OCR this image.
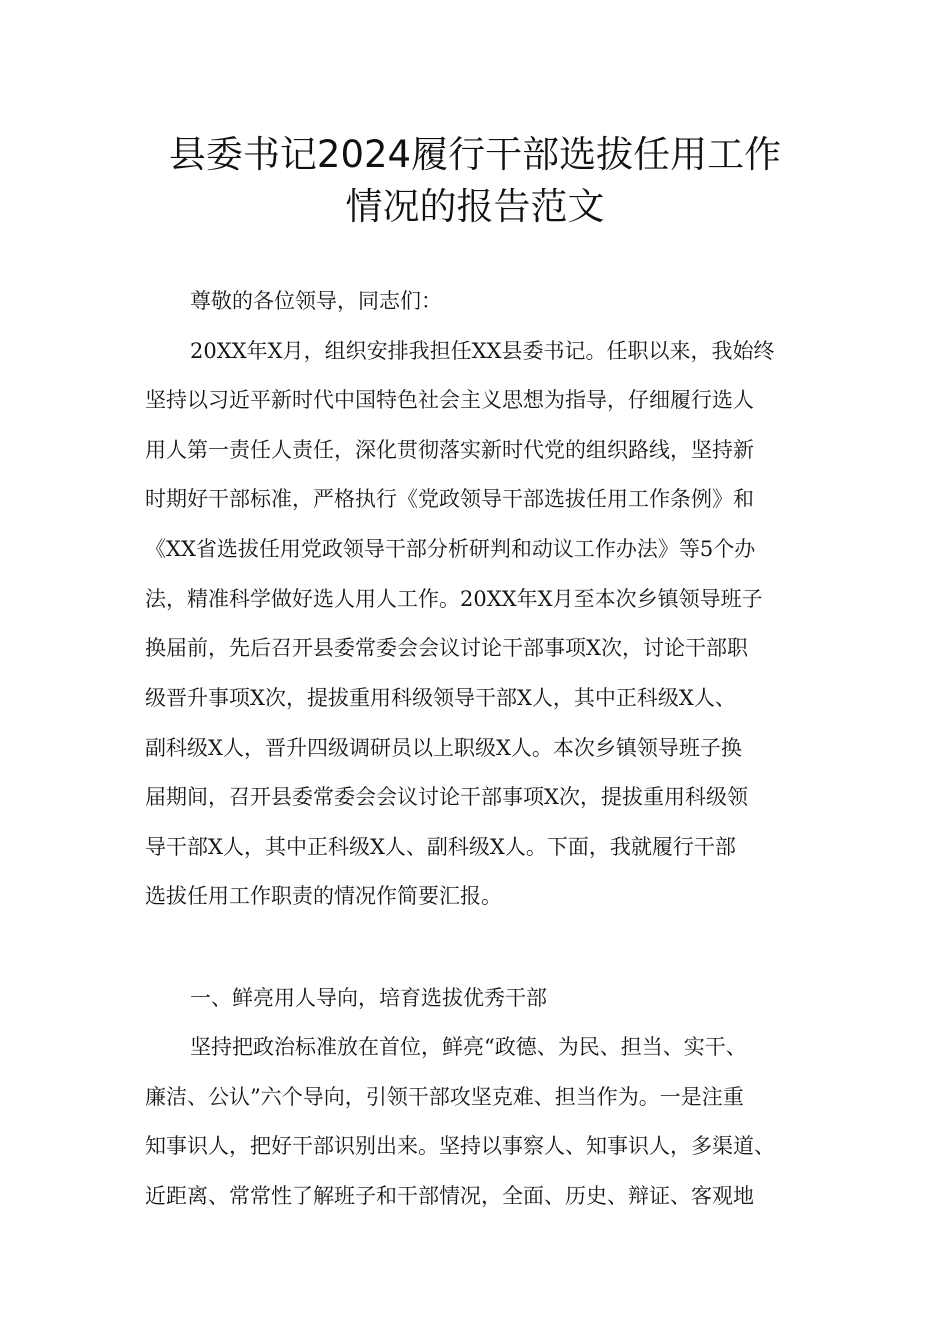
县委书记2024履行干部选拔任用工作
情况的报告范文
尊敬的各位领导，同志们：
20XX年X月，组织安排我担任XX县委书记。任职以来，我始终
坚持以习近平新时代中国特色社会主义思想为指导，仔细履行选人
用人第一责任人责任，深化贯彻落实新时代党的组织路线，坚持新
时期好干部标准，严格执行《党政领导干部选拔任用工作条例》和
《XX省选拔任用党政领导干部分析研判和动议工作办法》等5个办
法，精准科学做好选人用人工作。20XX年X月至本次乡镇领导班子
换届前，先后召开县委常委会会议讨论干部事项X次，讨论干部职
级晋升事项X次，提拔重用科级领导干部X人，其中正科级X人、
副科级X人，晋升四级调研员以上职级X人。本次乡镇领导班子换
届期间，召开县委常委会会议讨论干部事项X次，提拔重用科级领
导干部X人，其中正科级X人、副科级X人。下面，我就履行干部
选拔任用工作职责的情况作简要汇报。
一、鲜亮用人导向，培育选拔优秀干部
坚持把政治标准放在首位，鲜亮“政德、为民、担当、实干、
廉洁、公认”六个导向，引领干部攻坚克难、担当作为。一是注重
知事识人，把好干部识别出来。坚持以事察人、知事识人，多渠道、
近距离、常常性了解班子和干部情况，全面、历史、辩证、客观地
